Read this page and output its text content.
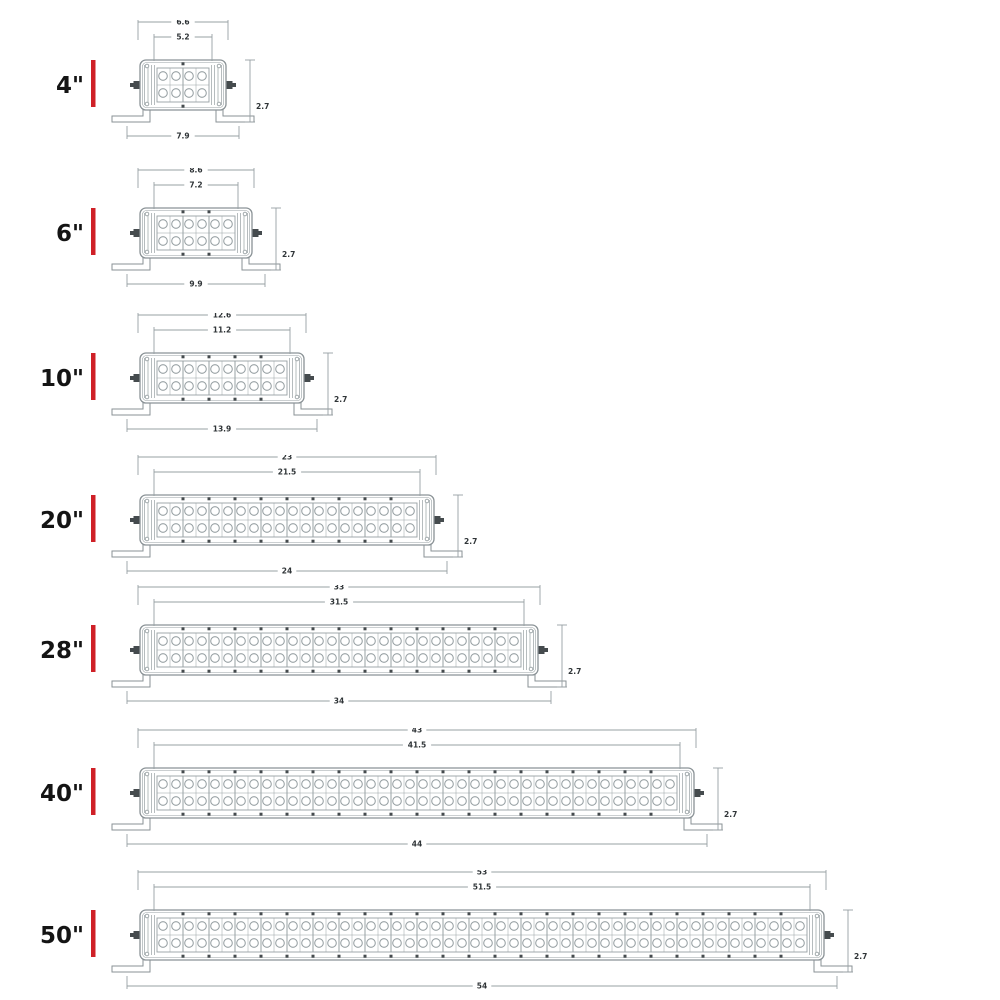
6.6
5.2
7.9
2.7
4"
8.6
7.2
9.9
2.7
6"
12.6
11.2
13.9
2.7
10"
23
21.5
24
2.7
20"
33
31.5
34
2.7
28"
43
41.5
44
2.7
40"
53
51.5
54
2.7
50"
